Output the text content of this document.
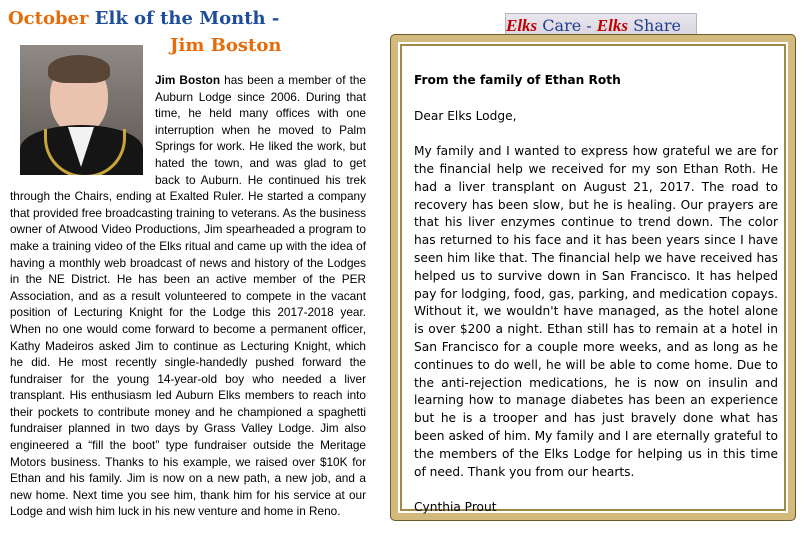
October Elk of the Month -
Jim Boston

Jim Boston has been a member of the Auburn Lodge since 2006. During that time, he held many offices with one interruption when he moved to Palm Springs for work. He liked the work, but hated the town, and was glad to get back to Auburn. He continued his trek through the Chairs, ending at Exalted Ruler. He started a company that provided free broadcasting training to veterans. As the business owner of Atwood Video Productions, Jim spearheaded a program to make a training video of the Elks ritual and came up with the idea of having a monthly web broadcast of news and history of the Lodges in the NE District. He has been an active member of the PER Association, and as a result volunteered to compete in the vacant position of Lecturing Knight for the Lodge this 2017-2018 year. When no one would come forward to become a permanent officer, Kathy Madeiros asked Jim to continue as Lecturing Knight, which he did. He most recently single-handedly pushed forward the fundraiser for the young 14-year-old boy who needed a liver transplant. His enthusiasm led Auburn Elks members to reach into their pockets to contribute money and he championed a spaghetti fundraiser planned in two days by Grass Valley Lodge. Jim also engineered a “fill the boot” type fundraiser outside the Meritage Motors business. Thanks to his example, we raised over $10K for Ethan and his family. Jim is now on a new path, a new job, and a new home. Next time you see him, thank him for his service at our Lodge and wish him luck in his new venture and home in Reno.

Elks Care - Elks Share

From the family of Ethan Roth

Dear Elks Lodge,

My family and I wanted to express how grateful we are for the financial help we received for my son Ethan Roth. He had a liver transplant on August 21, 2017. The road to recovery has been slow, but he is healing. Our prayers are that his liver enzymes continue to trend down. The color has returned to his face and it has been years since I have seen him like that. The financial help we have received has helped us to survive down in San Francisco. It has helped pay for lodging, food, gas, parking, and medication copays. Without it, we wouldn't have managed, as the hotel alone is over $200 a night. Ethan still has to remain at a hotel in San Francisco for a couple more weeks, and as long as he continues to do well, he will be able to come home. Due to the anti-rejection medications, he is now on insulin and learning how to manage diabetes has been an experience but he is a trooper and has just bravely done what has been asked of him. My family and I are eternally grateful to the members of the Elks Lodge for helping us in this time of need. Thank you from our hearts.

Cynthia Prout
